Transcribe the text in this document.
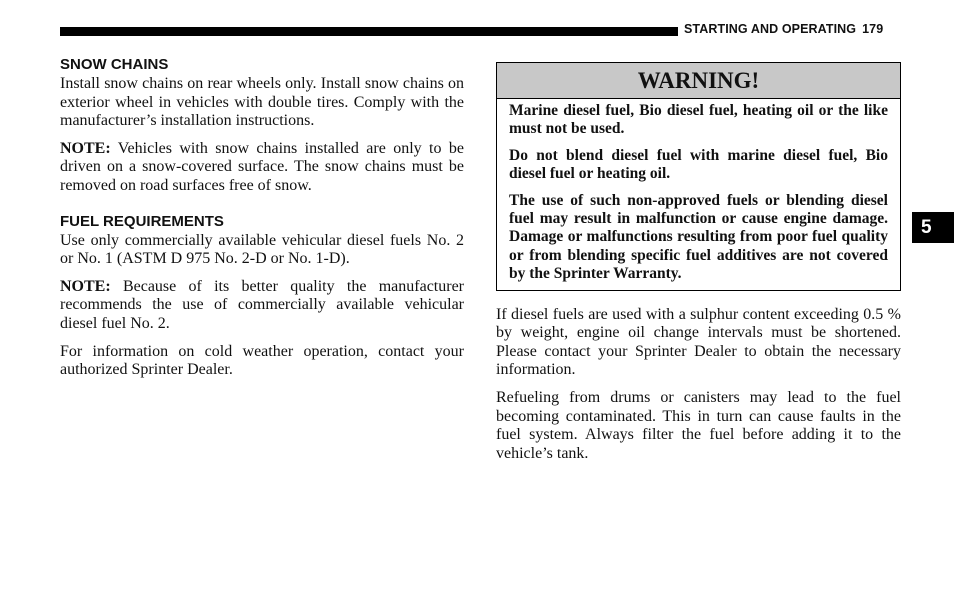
STARTING AND OPERATING 179
5
SNOW CHAINS

Install snow chains on rear wheels only. Install snow chains on exterior wheel in vehicles with double tires. Comply with the manufacturer’s installation instructions.

NOTE: Vehicles with snow chains installed are only to be driven on a snow-covered surface. The snow chains must be removed on road surfaces free of snow.

FUEL REQUIREMENTS

Use only commercially available vehicular diesel fuels No. 2 or No. 1 (ASTM D 975 No. 2-D or No. 1-D).

NOTE: Because of its better quality the manufacturer recommends the use of commercially available vehicular diesel fuel No. 2.

For information on cold weather operation, contact your authorized Sprinter Dealer.

WARNING!

Marine diesel fuel, Bio diesel fuel, heating oil or the like must not be used.

Do not blend diesel fuel with marine diesel fuel, Bio diesel fuel or heating oil.

The use of such non-approved fuels or blending diesel fuel may result in malfunction or cause engine damage. Damage or malfunctions resulting from poor fuel quality or from blending specific fuel additives are not covered by the Sprinter Warranty.

If diesel fuels are used with a sulphur content exceeding 0.5 % by weight, engine oil change intervals must be shortened. Please contact your Sprinter Dealer to obtain the necessary information.

Refueling from drums or canisters may lead to the fuel becoming contaminated. This in turn can cause faults in the fuel system. Always filter the fuel before adding it to the vehicle’s tank.
